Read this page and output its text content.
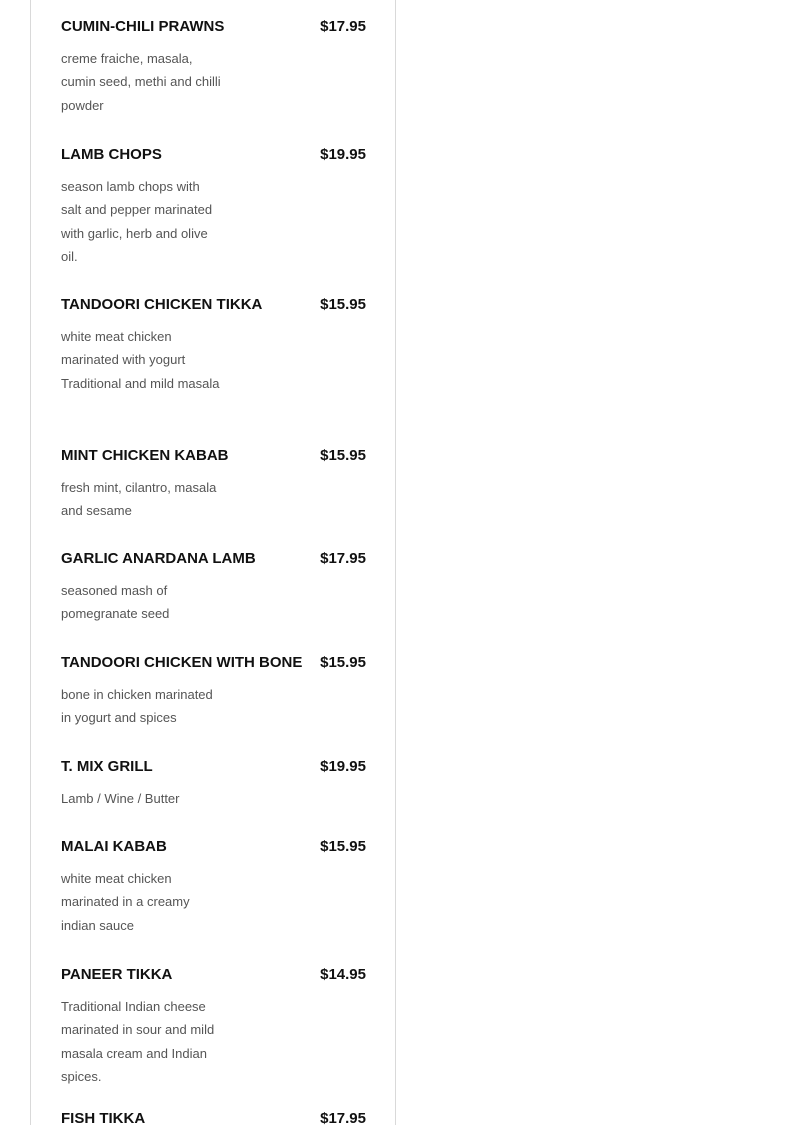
CUMIN-CHILI PRAWNS	$17.95
creme fraiche, masala, cumin seed, methi and chilli powder
LAMB CHOPS	$19.95
season lamb chops with salt and pepper marinated with garlic, herb and olive oil.
TANDOORI CHICKEN TIKKA	$15.95
white meat chicken marinated with yogurt Traditional and mild masala
MINT CHICKEN KABAB	$15.95
fresh mint, cilantro, masala and sesame
GARLIC ANARDANA LAMB	$17.95
seasoned mash of pomegranate seed
TANDOORI CHICKEN WITH BONE $15.95
bone in chicken marinated in yogurt and spices
T. MIX GRILL	$19.95
Lamb / Wine / Butter
MALAI KABAB	$15.95
white meat chicken marinated in a creamy indian sauce
PANEER TIKKA	$14.95
Traditional Indian cheese marinated in sour and mild masala cream and Indian spices.
FISH TIKKA	$17.95
